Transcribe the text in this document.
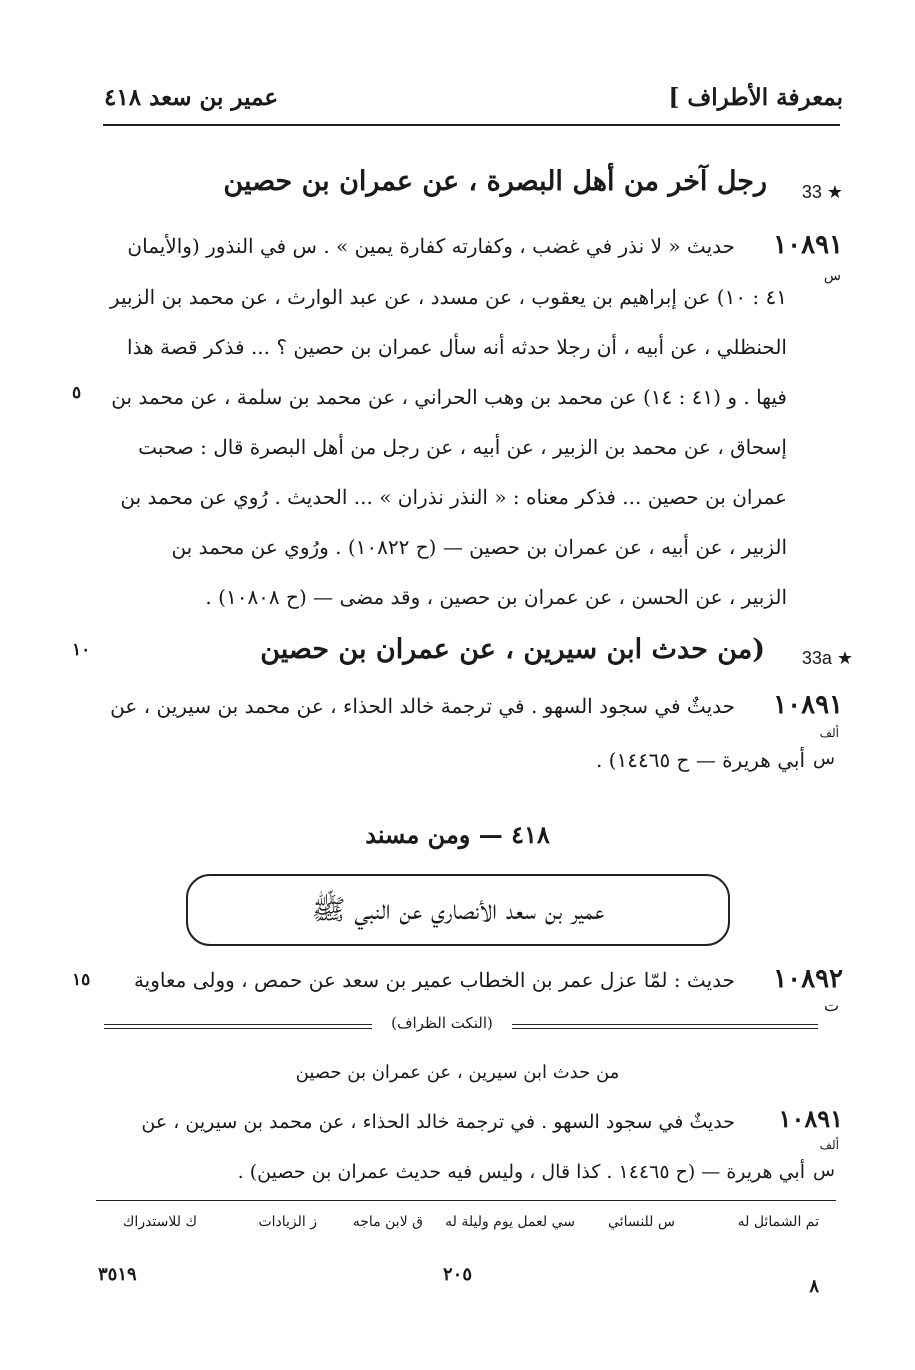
بمعرفة الأطراف ]
عمير بن سعد ٤١٨
33 ★
رجل آخر من أهل البصرة ، عن عمران بن حصين
١٠٨٩١
س
حديث « لا نذر في غضب ، وكفارته كفارة يمين » . س في النذور (والأيمان
٤١ : ١٠) عن إبراهيم بن يعقوب ، عن مسدد ، عن عبد الوارث ، عن محمد بن الزبير
الحنظلي ، عن أبيه ، أن رجلا حدثه أنه سأل عمران بن حصين ؟ ... فذكر قصة هذا
فيها . و (٤١ : ١٤) عن محمد بن وهب الحراني ، عن محمد بن سلمة ، عن محمد بن
٥
إسحاق ، عن محمد بن الزبير ، عن أبيه ، عن رجل من أهل البصرة قال : صحبت
عمران بن حصين ... فذكر معناه : « النذر نذران » ... الحديث . رُوي عن محمد بن
الزبير ، عن أبيه ، عن عمران بن حصين — (ح ١٠٨٢٢) . ورُوي عن محمد بن
الزبير ، عن الحسن ، عن عمران بن حصين ، وقد مضى — (ح ١٠٨٠٨) .
33a ★
(من حدث ابن سيرين ، عن عمران بن حصين
١٠
١٠٨٩١
ألف
س
حديثٌ في سجود السهو . في ترجمة خالد الحذاء ، عن محمد بن سيرين ، عن
أبي هريرة — ح ١٤٤٦٥) .
٤١٨ — ومن مسند
عمير بن سعد الأنصاري عن النبي ﷺ
١٠٨٩٢
ت
حديث : لمّا عزل عمر بن الخطاب عمير بن سعد عن حمص ، وولى معاوية
١٥
(النكت الظراف)
من حدث ابن سيرين ، عن عمران بن حصين
١٠٨٩١
ألف
س
حديثٌ في سجود السهو . في ترجمة خالد الحذاء ، عن محمد بن سيرين ، عن
أبي هريرة — (ح ١٤٤٦٥ . كذا قال ، وليس فيه حديث عمران بن حصين) .
تم الشمائل له
س للنسائي
سي لعمل يوم وليلة له
ق لابن ماجه
ز الزيادات
ك للاستدراك
٢٠٥
٣٥١٩
٨
